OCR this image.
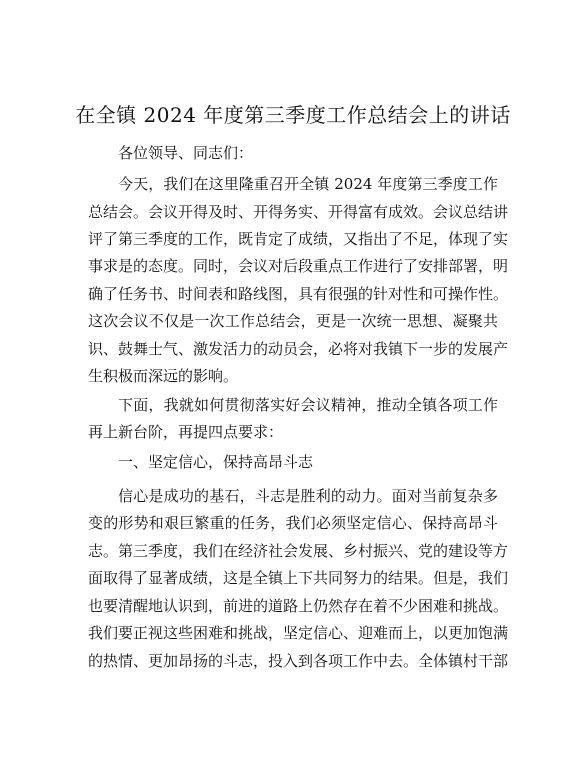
在全镇 2024 年度第三季度工作总结会上的讲话
各位领导、同志们：
今天，我们在这里隆重召开全镇 2024 年度第三季度工作
总结会。会议开得及时、开得务实、开得富有成效。会议总结讲
评了第三季度的工作，既肯定了成绩，又指出了不足，体现了实
事求是的态度。同时，会议对后段重点工作进行了安排部署，明
确了任务书、时间表和路线图，具有很强的针对性和可操作性。
这次会议不仅是一次工作总结会，更是一次统一思想、凝聚共
识、鼓舞士气、激发活力的动员会，必将对我镇下一步的发展产
生积极而深远的影响。
下面，我就如何贯彻落实好会议精神，推动全镇各项工作
再上新台阶，再提四点要求：
一、坚定信心，保持高昂斗志
信心是成功的基石，斗志是胜利的动力。面对当前复杂多
变的形势和艰巨繁重的任务，我们必须坚定信心、保持高昂斗
志。第三季度，我们在经济社会发展、乡村振兴、党的建设等方
面取得了显著成绩，这是全镇上下共同努力的结果。但是，我们
也要清醒地认识到，前进的道路上仍然存在着不少困难和挑战。
我们要正视这些困难和挑战，坚定信心、迎难而上，以更加饱满
的热情、更加昂扬的斗志，投入到各项工作中去。全体镇村干部
